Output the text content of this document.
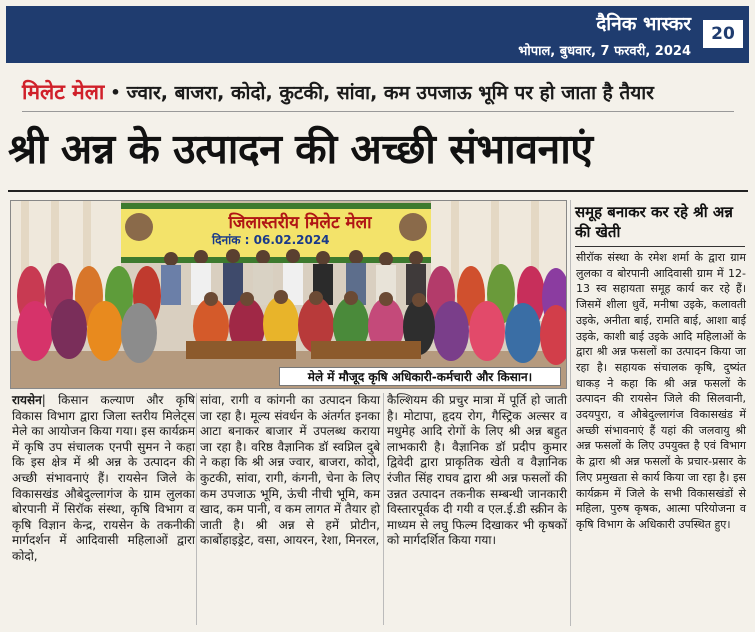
दैनिक भास्कर
भोपाल, बुधवार, 7 फरवरी, 2024
20
मिलेट मेला • ज्वार, बाजरा, कोदो, कुटकी, सांवा, कम उपजाऊ भूमि पर हो जाता है तैयार
श्री अन्न के उत्पादन की अच्छी संभावनाएं
जिलास्तरीय मिलेट मेला
दिनांक : 06.02.2024
मेले में मौजूद कृषि अधिकारी-कर्मचारी और किसान।
समूह बनाकर कर रहे श्री अन्न की खेती
सीरॉक संस्था के रमेश शर्मा के द्वारा ग्राम लुलका व बोरपानी आदिवासी ग्राम में 12-13 स्व सहायता समूह कार्य कर रहे हैं। जिसमें शीला धुर्वे, मनीषा उइके, कलावती उइके, अनीता बाई, रामति बाई, आशा बाई उइके, काशी बाई उइके आदि महिलाओं के द्वारा श्री अन्न फसलों का उत्पादन किया जा रहा है। सहायक संचालक कृषि, दुष्यंत धाकड़ ने कहा कि श्री अन्न फसलों के उत्पादन की रायसेन जिले की सिलवानी, उदयपुरा, व औबेदुल्लागंज विकासखंड में अच्छी संभावनाएं हैं यहां की जलवायु श्री अन्न फसलों के लिए उपयुक्त है एवं विभाग के द्वारा श्री अन्न फसलों के प्रचार-प्रसार के लिए प्रमुखता से कार्य किया जा रहा है। इस कार्यक्रम में जिले के सभी विकासखंडों से महिला, पुरुष कृषक, आत्मा परियोजना व कृषि विभाग के अधिकारी उपस्थित हुए।
रायसेन| किसान कल्याण और कृषि विकास विभाग द्वारा जिला स्तरीय मिलेट्स मेले का आयोजन किया गया। इस कार्यक्रम में कृषि उप संचालक एनपी सुमन ने कहा कि इस क्षेत्र में श्री अन्न के उत्पादन की अच्छी संभावनाएं हैं। रायसेन जिले के विकासखंड औबेदुल्लागंज के ग्राम लुलका बोरपानी में सिरॉक संस्था, कृषि विभाग व कृषि विज्ञान केन्द्र, रायसेन के तकनीकी मार्गदर्शन में आदिवासी महिलाओं द्वारा कोदो,
सांवा, रागी व कांगनी का उत्पादन किया जा रहा है। मूल्य संवर्धन के अंतर्गत इनका आटा बनाकर बाजार में उपलब्ध कराया जा रहा है। वरिष्ठ वैज्ञानिक डॉ स्वप्निल दुबे ने कहा कि श्री अन्न ज्वार, बाजरा, कोदो, कुटकी, सांवा, रागी, कंगनी, चेना के लिए कम उपजाऊ भूमि, ऊंची नीची भूमि, कम खाद, कम पानी, व कम लागत में तैयार हो जाती है। श्री अन्न से हमें प्रोटीन, कार्बोहाइड्रेट, वसा, आयरन, रेशा, मिनरल,
कैल्शियम की प्रचुर मात्रा में पूर्ति हो जाती है। मोटापा, हृदय रोग, गैस्ट्रिक अल्सर व मधुमेह आदि रोगों के लिए श्री अन्न बहुत लाभकारी है। वैज्ञानिक डॉ प्रदीप कुमार द्विवेदी द्वारा प्राकृतिक खेती व वैज्ञानिक रंजीत सिंह राघव द्वारा श्री अन्न फसलों की उन्नत उत्पादन तकनीक सम्बन्धी जानकारी विस्तारपूर्वक दी गयी व एल.ई.डी स्क्रीन के माध्यम से लघु फिल्म दिखाकर भी कृषकों को मार्गदर्शित किया गया।
